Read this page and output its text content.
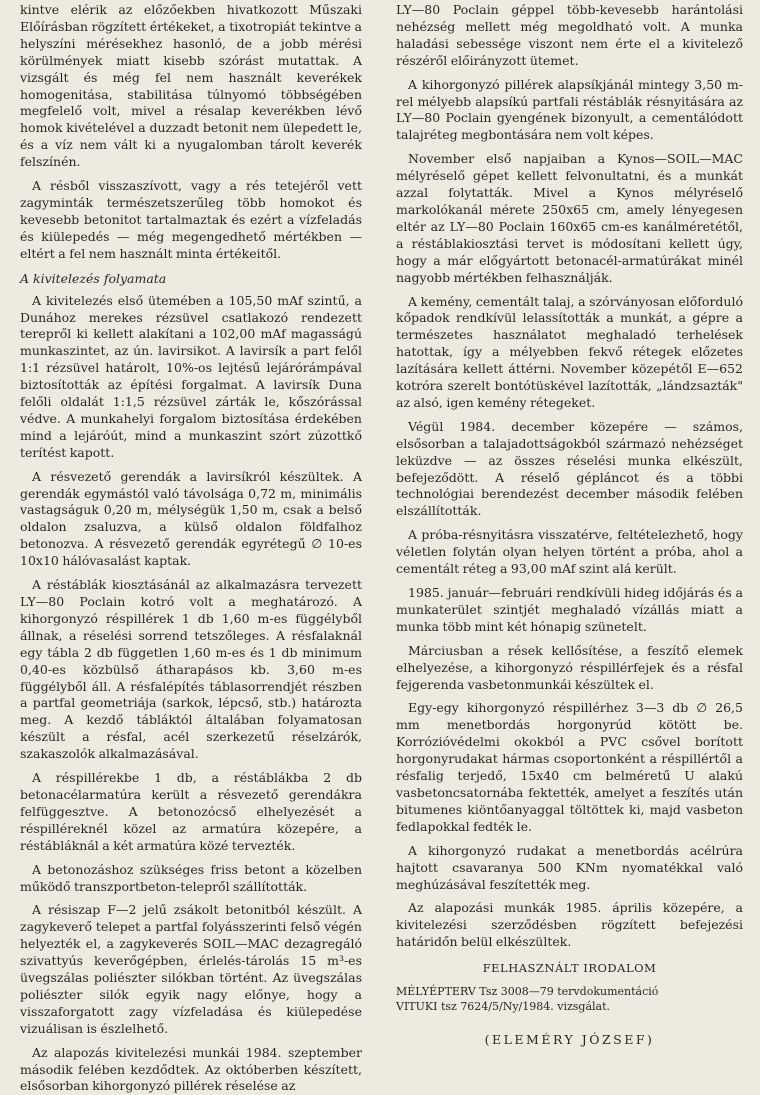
kintve elérik az előzőekben hivatkozott Műszaki Előírásban rögzített értékeket, a tixotropiát tekintve a helyszíni mérésekhez hasonló, de a jobb mérési körülmények miatt kisebb szórást mutattak. A vizsgált és még fel nem használt keverékek homogenitása, stabilitása túlnyomó többségében megfelelő volt, mivel a résalap keverékben lévő homok kivételével a duzzadt betonit nem ülepedett le, és a víz nem vált ki a nyugalomban tárolt keverék felszínén.

A résből visszaszívott, vagy a rés tetejéről vett zagyminták természetszerűleg több homokot és kevesebb betonitot tartalmaztak és ezért a vízfeladás és kiülepedés — még megengedhető mértékben — eltért a fel nem használt minta értékeitől.

A kivitelezés folyamata

A kivitelezés első ütemében a 105,50 mAf szintű, a Dunához merekes rézsüvel csatlakozó rendezett terepről ki kellett alakítani a 102,00 mAf magasságú munkaszintet, az ún. lavirsikot. A lavirsík a part felől 1:1 rézsüvel határolt, 10%-os lejtésű lejárórámpával biztosították az építési forgalmat. A lavirsík Duna felőli oldalát 1:1,5 rézsüvel zárták le, kőszórással védve. A munkahelyi forgalom biztosítása érdekében mind a lejáróút, mind a munkaszint szórt zúzottkő terítést kapott.

A résvezető gerendák a lavirsíkról készültek. A gerendák egymástól való távolsága 0,72 m, minimális vastagságuk 0,20 m, mélységük 1,50 m, csak a belső oldalon zsaluzva, a külső oldalon földfalhoz betonozva. A résvezető gerendák egyrétegű ∅ 10-es 10x10 hálóvasalást kaptak.

A réstáblák kiosztásánál az alkalmazásra tervezett LY—80 Poclain kotró volt a meghatározó. A kihorgonyzó réspillérek 1 db 1,60 m-es függélyből állnak, a réselési sorrend tetszőleges. A résfalaknál egy tábla 2 db független 1,60 m-es és 1 db minimum 0,40-es közbülső átharapásos kb. 3,60 m-es függélyből áll. A résfalépítés táblasorrendjét részben a partfal geometriája (sarkok, lépcső, stb.) határozta meg. A kezdő tábláktól általában folyamatosan készült a résfal, acél szerkezetű réselzárók, szakaszolók alkalmazásával.

A réspillérekbe 1 db, a réstáblákba 2 db betonacélarmatúra került a résvezető gerendákra felfüggesztve. A betonozócső elhelyezését a réspilléreknél közel az armatúra közepére, a réstábláknál a két armatúra közé tervezték.

A betonozáshoz szükséges friss betont a közelben működő transzportbeton-telepről szállították.

A résiszap F—2 jelű zsákolt betonitból készült. A zagykeverő telepet a partfal folyásszerinti felső végén helyezték el, a zagykeverés SOIL—MAC dezagregáló szivattyús keverőgépben, érlelés-tárolás 15 m³-es üvegszálas poliészter silókban történt. Az üvegszálas poliészter silók egyik nagy előnye, hogy a visszaforgatott zagy vízfeladása és kiülepedése vizuálisan is észlelhető.

Az alapozás kivitelezési munkái 1984. szeptember második felében kezdődtek. Az októberben készített, elsősorban kihorgonyzó pillérek réselése az

LY—80 Poclain géppel több-kevesebb harántolási nehézség mellett még megoldható volt. A munka haladási sebessége viszont nem érte el a kivitelező részéről előirányzott ütemet.

A kihorgonyzó pillérek alapsíkjánál mintegy 3,50 m-rel mélyebb alapsíkú partfali réstáblák résnyitására az LY—80 Poclain gyengének bizonyult, a cementálódott talajréteg megbontására nem volt képes.

November első napjaiban a Kynos—SOIL—MAC mélyréselő gépet kellett felvonultatni, és a munkát azzal folytatták. Mivel a Kynos mélyréselő markolókanál mérete 250x65 cm, amely lényegesen eltér az LY—80 Poclain 160x65 cm-es kanálméretétől, a réstáblakiosztási tervet is módosítani kellett úgy, hogy a már előgyártott betonacél-armatúrákat minél nagyobb mértékben felhasználják.

A kemény, cementált talaj, a szórványosan előforduló kőpadok rendkívül lelassították a munkát, a gépre a természetes használatot meghaladó terhelések hatottak, így a mélyebben fekvő rétegek előzetes lazítására kellett áttérni. November közepétől E—652 kotróra szerelt bontótüskével lazították, „lándzsazták" az alsó, igen kemény rétegeket.

Végül 1984. december közepére — számos, elsősorban a talajadottságokból származó nehézséget leküzdve — az összes réselési munka elkészült, befejeződött. A réselő gépláncot és a többi technológiai berendezést december második felében elszállították.

A próba-résnyitásra visszatérve, feltételezhető, hogy véletlen folytán olyan helyen történt a próba, ahol a cementált réteg a 93,00 mAf szint alá került.

1985. január—februári rendkívüli hideg időjárás és a munkaterület szintjét meghaladó vízállás miatt a munka több mint két hónapig szünetelt.

Márciusban a rések kellősítése, a feszítő elemek elhelyezése, a kihorgonyzó réspillérfejek és a résfal fejgerenda vasbetonmunkái készültek el.

Egy-egy kihorgonyzó réspillérhez 3—3 db ∅ 26,5 mm menetbordás horgonyrúd kötött be. Korrózióvédelmi okokból a PVC csővel borított horgonyrudakat hármas csoportonként a réspillértől a résfalig terjedő, 15x40 cm belméretű U alakú vasbetoncsatornába fektették, amelyet a feszítés után bitumenes kiöntőanyaggal töltöttek ki, majd vasbeton fedlapokkal fedték le.

A kihorgonyzó rudakat a menetbordás acélrúra hajtott csavaranya 500 KNm nyomatékkal való meghúzásával feszítették meg.

Az alapozási munkák 1985. április közepére, a kivitelezési szerződésben rögzített befejezési határidőn belül elkészültek.

FELHASZNÁLT IRODALOM
MÉLYÉPTERV Tsz 3008—79 tervdokumentáció
VITUKI tsz 7624/5/Ny/1984. vizsgálat.
(ELEMÉRY JÓZSEF)
